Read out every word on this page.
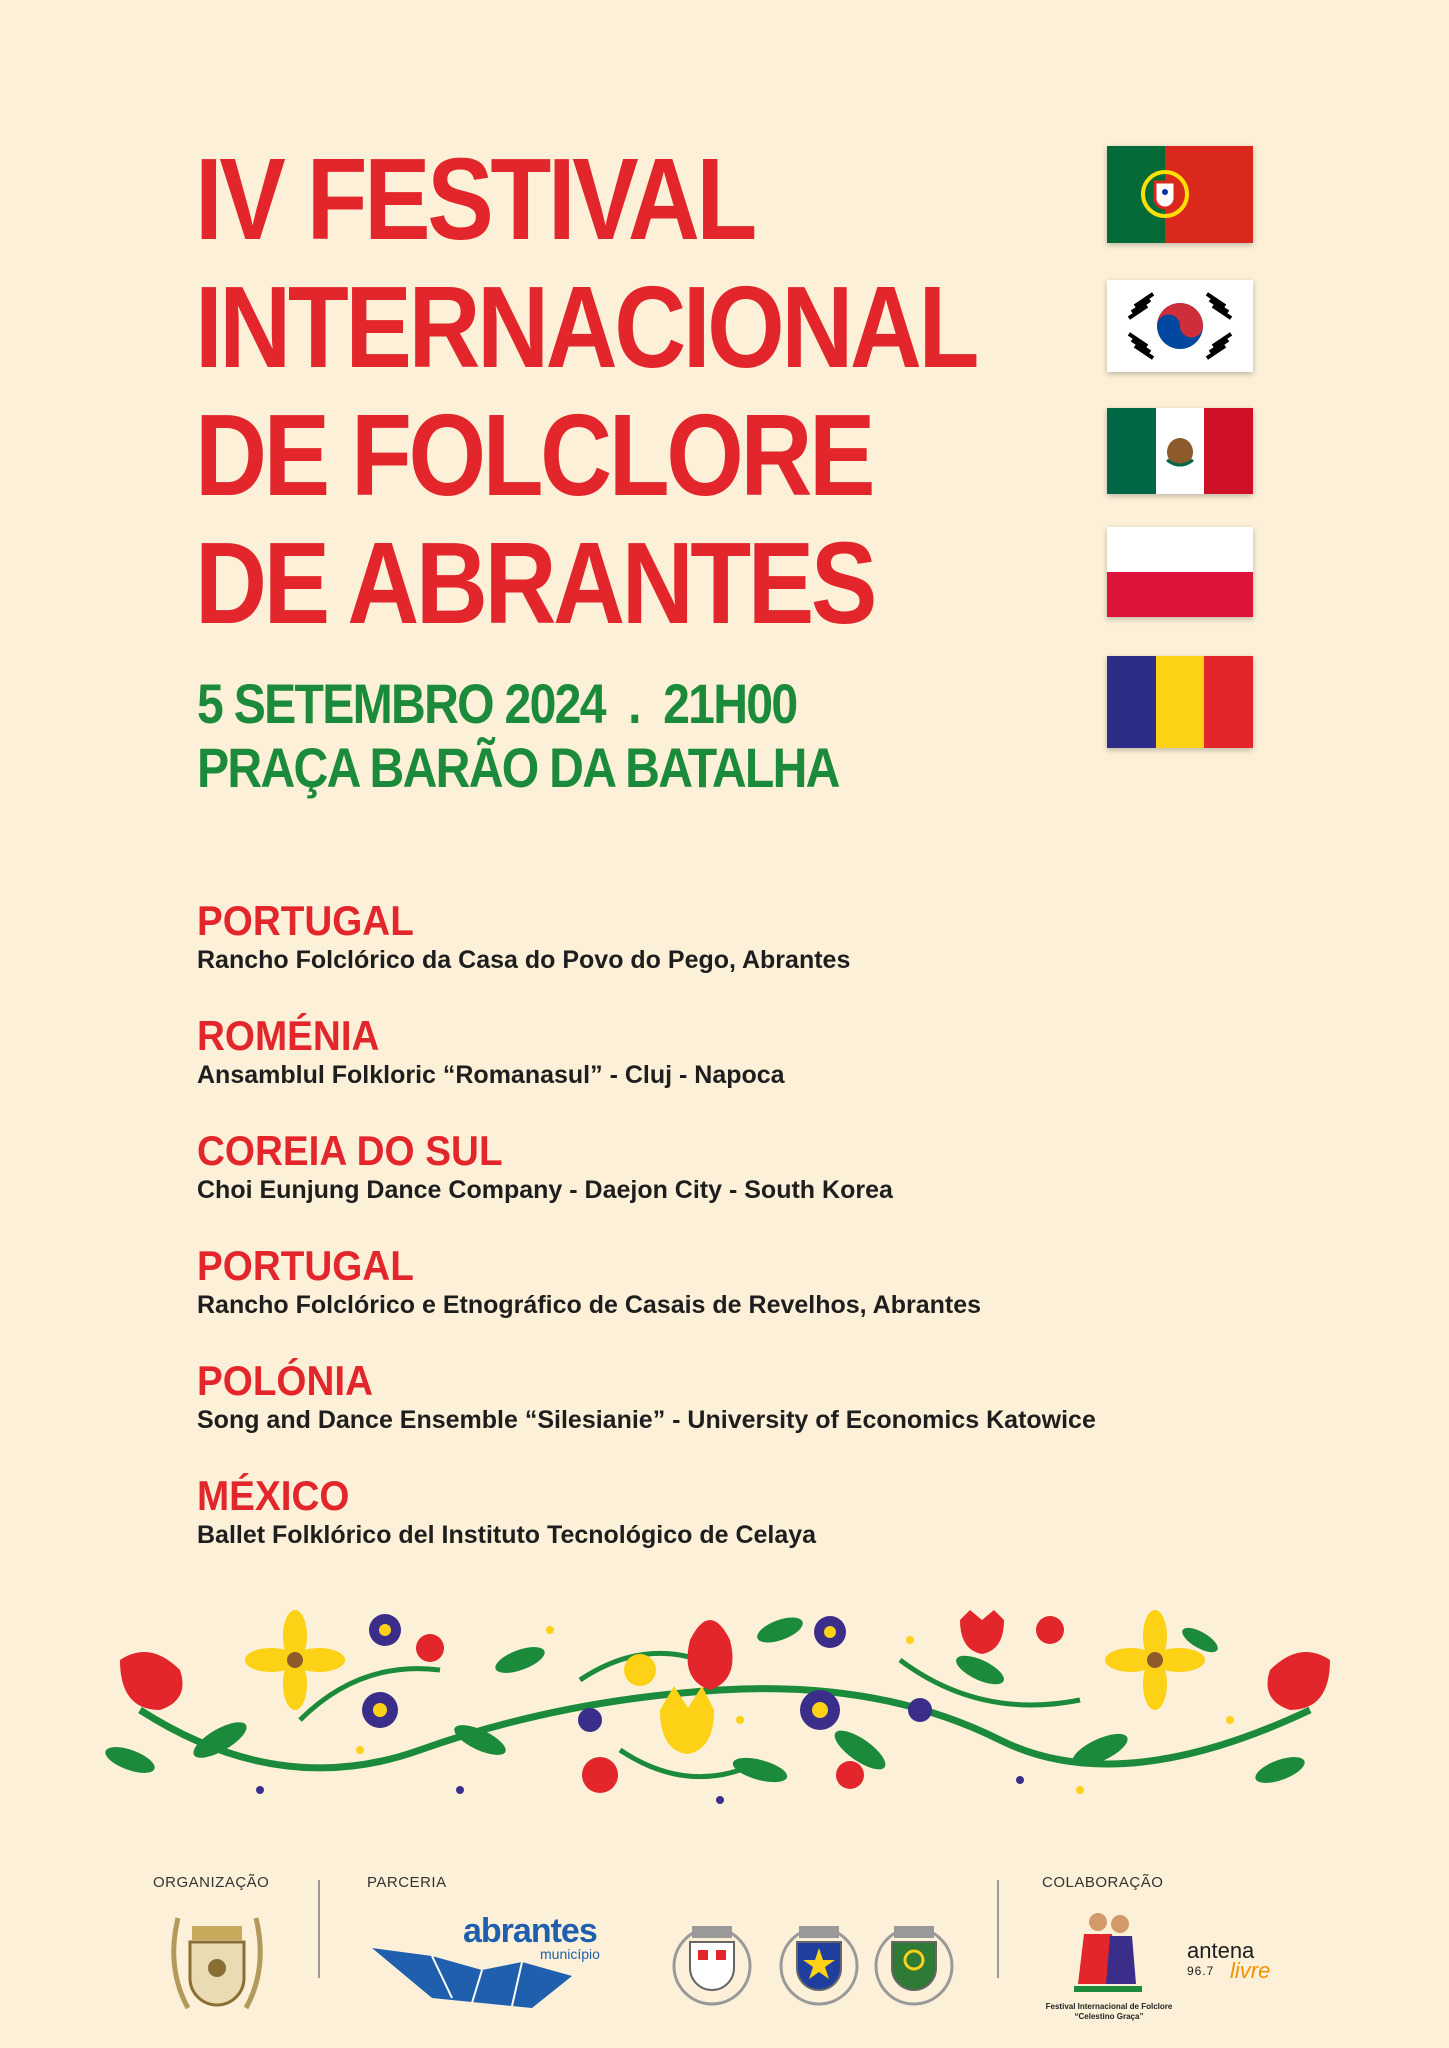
IV FESTIVAL
INTERNACIONAL
DE FOLCLORE
DE ABRANTES
5 SETEMBRO 2024  .  21H00
PRAÇA BARÃO DA BATALHA
PORTUGAL
Rancho Folclórico da Casa do Povo do Pego, Abrantes
ROMÉNIA
Ansamblul Folkloric “Romanasul” - Cluj - Napoca
COREIA DO SUL
Choi Eunjung Dance Company - Daejon City - South Korea
PORTUGAL
Rancho Folclórico e Etnográfico de Casais de Revelhos, Abrantes
POLÓNIA
Song and Dance Ensemble “Silesianie” - University of Economics Katowice
MÉXICO
Ballet Folklórico del Instituto Tecnológico de Celaya
ORGANIZAÇÃO	PARCERIA	COLABORAÇÃO
abrantes
município
Festival Internacional de Folclore
“Celestino Graça”
antena
96.7 livre
